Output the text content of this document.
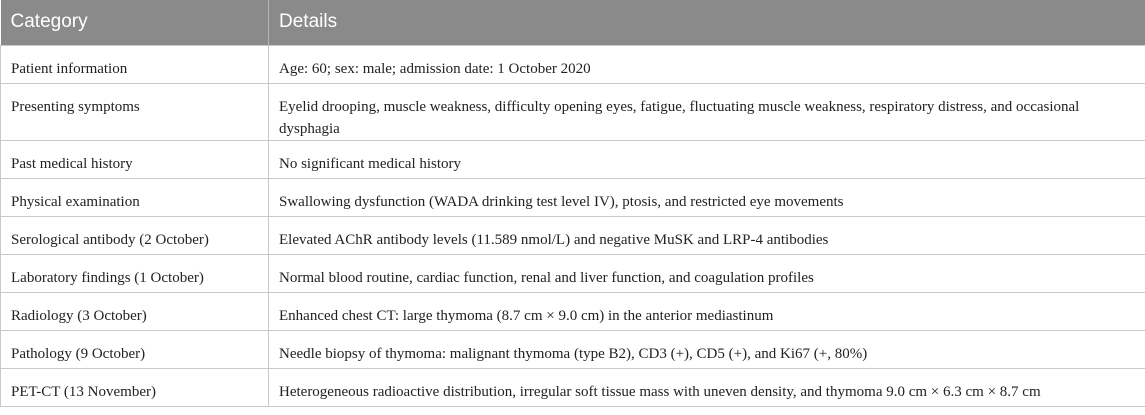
Category	Details
Patient information	Age: 60; sex: male; admission date: 1 October 2020
Presenting symptoms	Eyelid drooping, muscle weakness, difficulty opening eyes, fatigue, fluctuating muscle weakness, respiratory distress, and occasional dysphagia
Past medical history	No significant medical history
Physical examination	Swallowing dysfunction (WADA drinking test level IV), ptosis, and restricted eye movements
Serological antibody (2 October)	Elevated AChR antibody levels (11.589 nmol/L) and negative MuSK and LRP-4 antibodies
Laboratory findings (1 October)	Normal blood routine, cardiac function, renal and liver function, and coagulation profiles
Radiology (3 October)	Enhanced chest CT: large thymoma (8.7 cm × 9.0 cm) in the anterior mediastinum
Pathology (9 October)	Needle biopsy of thymoma: malignant thymoma (type B2), CD3 (+), CD5 (+), and Ki67 (+, 80%)
PET-CT (13 November)	Heterogeneous radioactive distribution, irregular soft tissue mass with uneven density, and thymoma 9.0 cm × 6.3 cm × 8.7 cm
